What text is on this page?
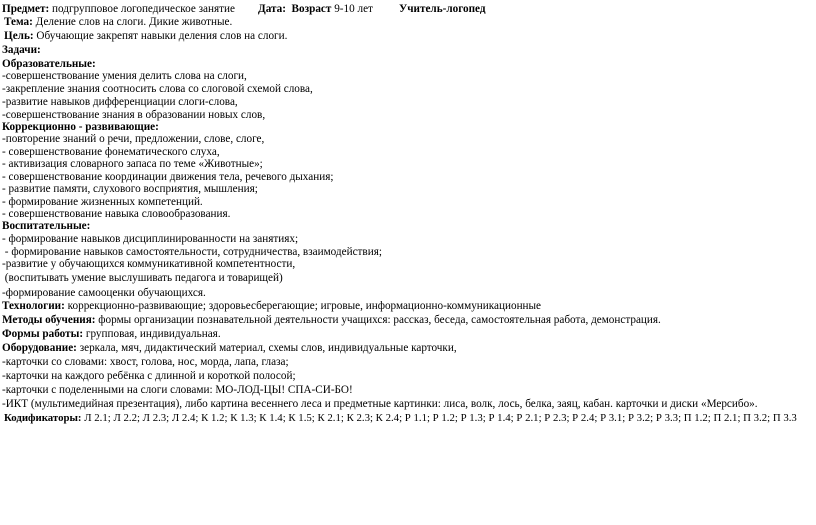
Предмет: подгрупповое логопедическое занятие Дата: Возраст 9-10 лет Учитель-логопед
Тема: Деление слов на слоги. Дикие животные.
Цель: Обучающие закрепят навыки деления слов на слоги.
Задачи:
Образовательные:
-совершенствование умения делить слова на слоги,
-закрепление знания соотносить слова со слоговой схемой слова,
-развитие навыков дифференциации слоги-слова,
-совершенствование знания в образовании новых слов,
Коррекционно - развивающие:
-повторение знаний о речи, предложении, слове, слоге,
- совершенствование фонематического слуха,
- активизация словарного запаса по теме «Животные»;
- совершенствование координации движения тела, речевого дыхания;
- развитие памяти, слухового восприятия, мышления;
- формирование жизненных компетенций.
- совершенствование навыка словообразования.
Воспитательные:
- формирование навыков дисциплинированности на занятиях;
- формирование навыков самостоятельности, сотрудничества, взаимодействия;
-развитие у обучающихся коммуникативной компетентности,
(воспитывать умение выслушивать педагога и товарищей)
-формирование самооценки обучающихся.
Технологии: коррекционно-развивающие; здоровьесберегающие; игровые, информационно-коммуникационные
Методы обучения: формы организации познавательной деятельности учащихся: рассказ, беседа, самостоятельная работа, демонстрация.
Формы работы: групповая, индивидуальная.
Оборудование: зеркала, мяч, дидактический материал, схемы слов, индивидуальные карточки,
-карточки со словами: хвост, голова, нос, морда, лапа, глаза;
-карточки на каждого ребёнка с длинной и короткой полосой;
-карточки с поделенными на слоги словами: МО-ЛОД-ЦЫ! СПА-СИ-БО!
-ИКТ (мультимедийная презентация), либо картина весеннего леса и предметные картинки: лиса, волк, лось, белка, заяц, кабан. карточки и диски «Мерсибо».
Кодификаторы: Л 2.1; Л 2.2; Л 2.3; Л 2.4; К 1.2; К 1.3; К 1.4; К 1.5; К 2.1; К 2.3; К 2.4; Р 1.1; Р 1.2; Р 1.3; Р 1.4; Р 2.1; Р 2.3; Р 2.4; Р 3.1; Р 3.2; Р 3.3; П 1.2; П 2.1; П 3.2; П 3.3
